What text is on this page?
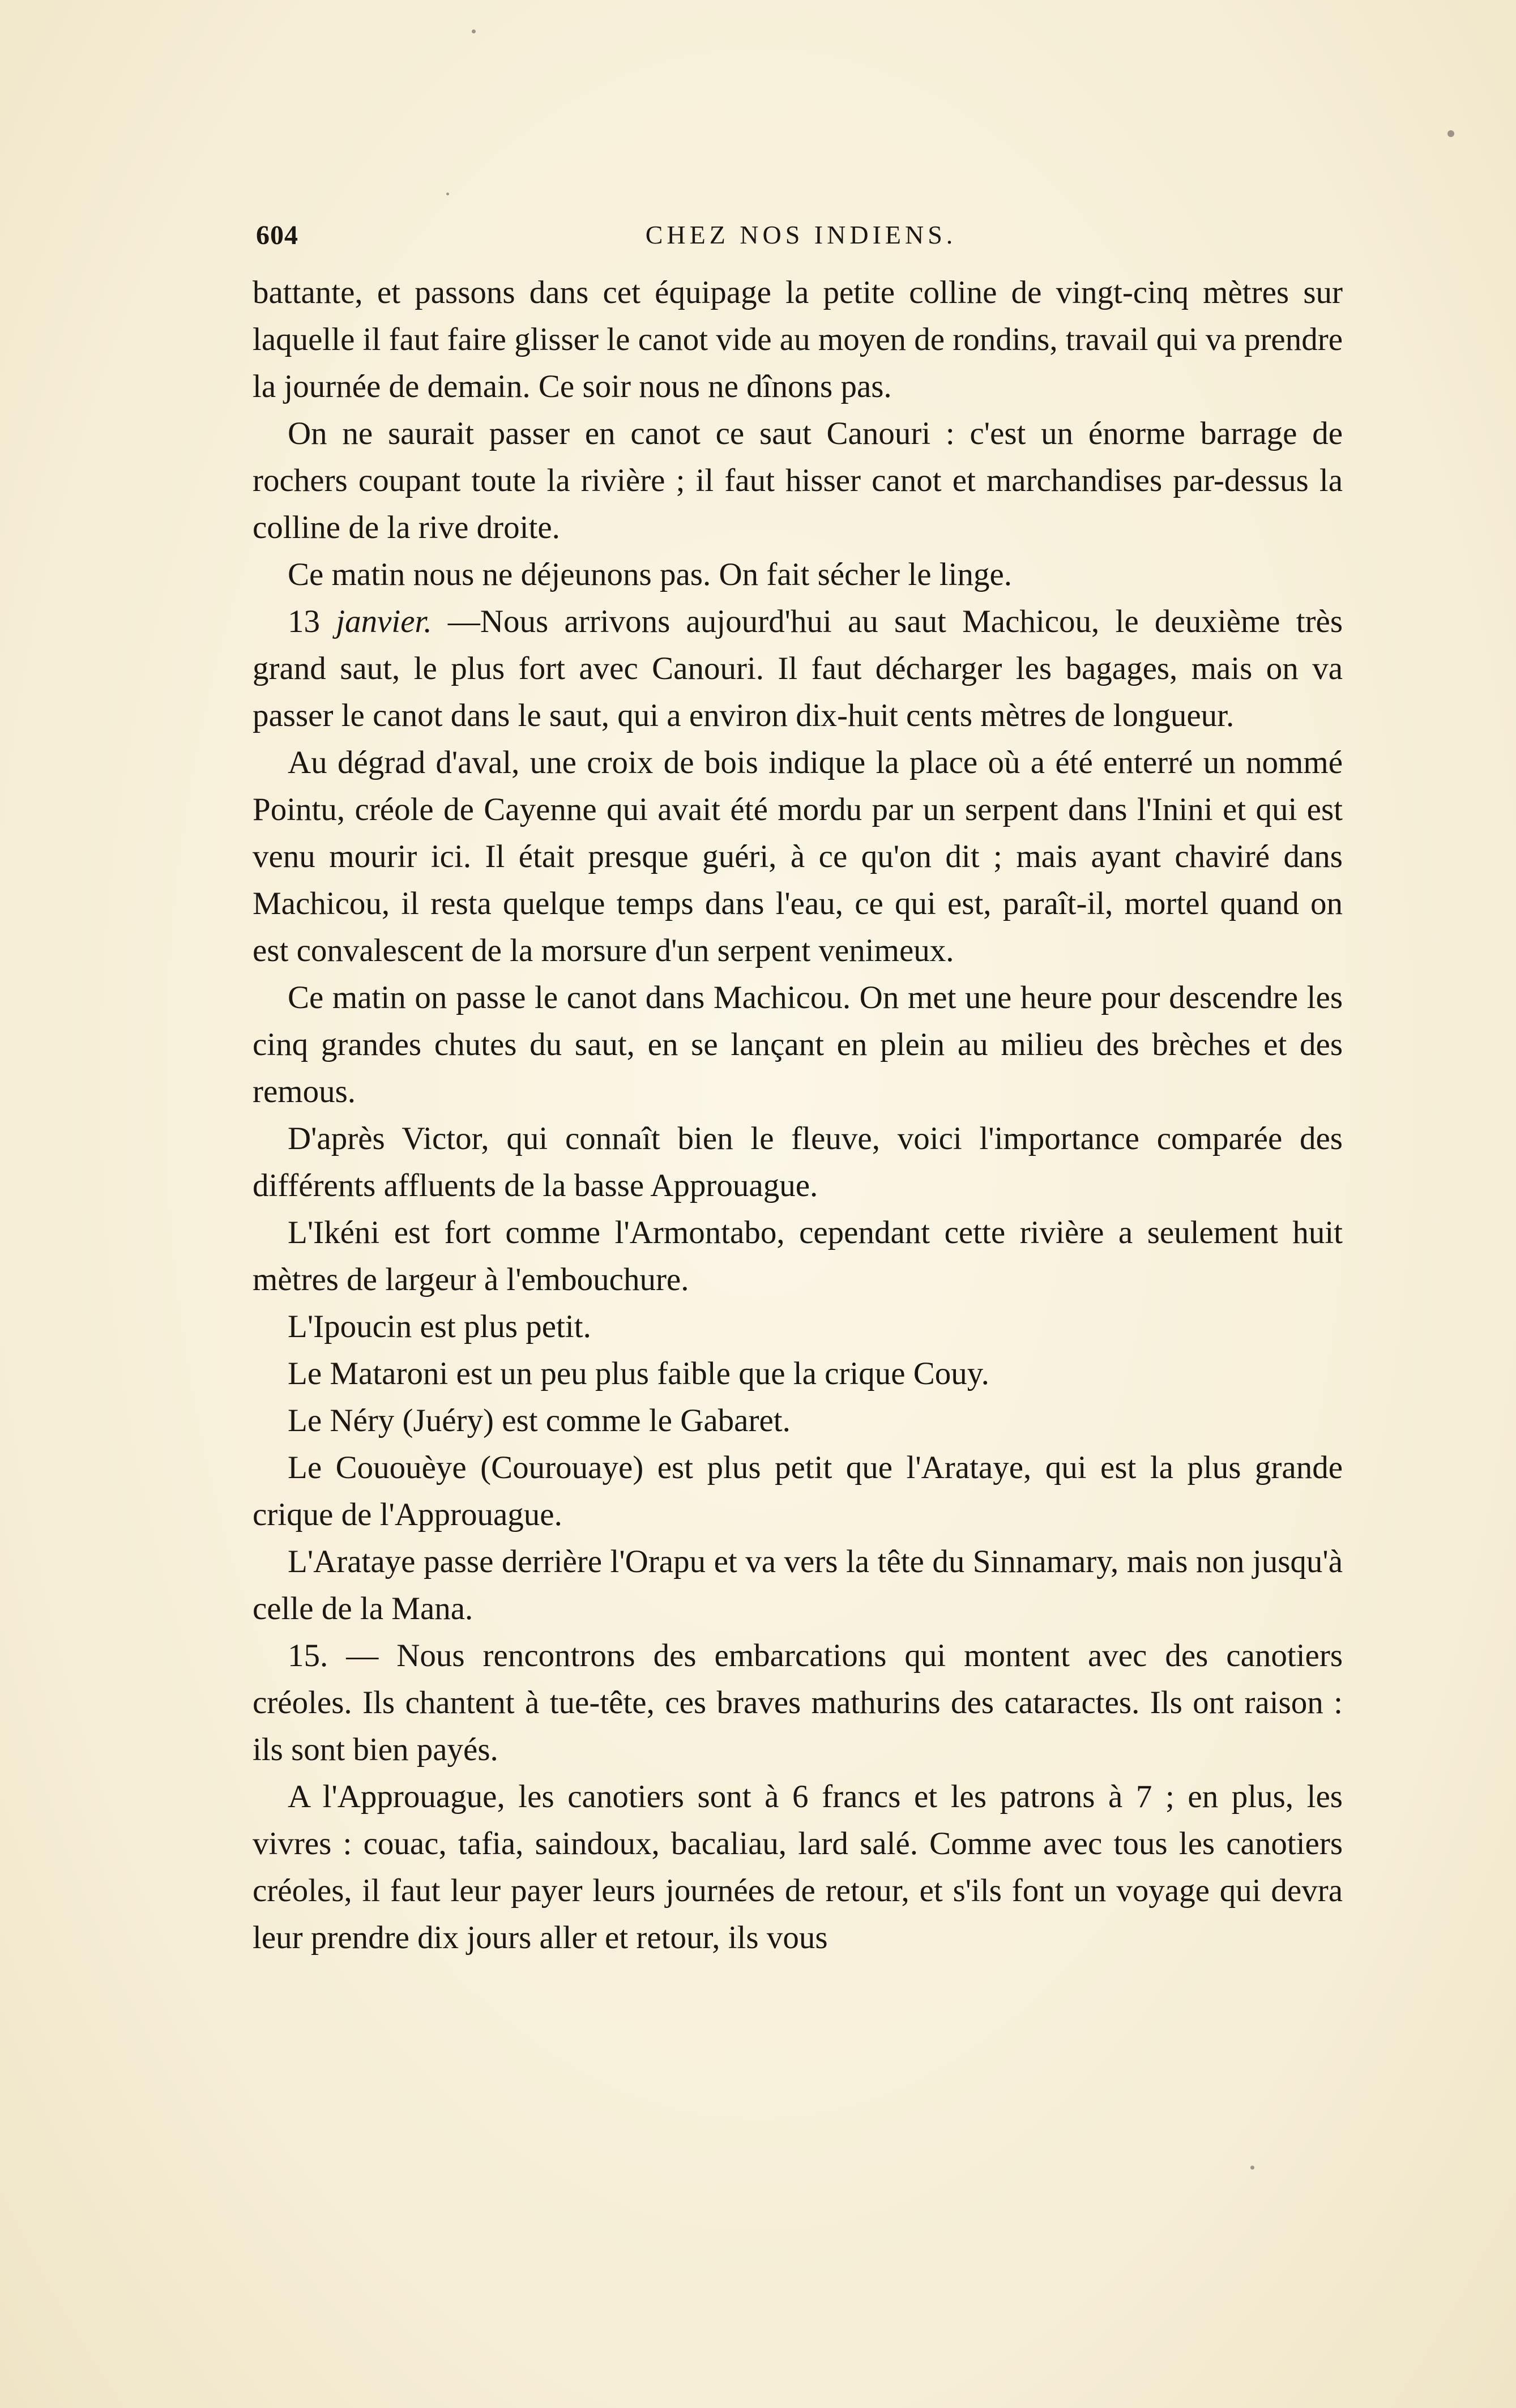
604	CHEZ NOS INDIENS.

battante, et passons dans cet équipage la petite colline de vingt-cinq mètres sur laquelle il faut faire glisser le canot vide au moyen de rondins, travail qui va prendre la journée de demain. Ce soir nous ne dînons pas.

On ne saurait passer en canot ce saut Canouri : c'est un énorme barrage de rochers coupant toute la rivière ; il faut hisser canot et marchandises par-dessus la colline de la rive droite.

Ce matin nous ne déjeunons pas. On fait sécher le linge.

13 janvier. —Nous arrivons aujourd'hui au saut Machicou, le deuxième très grand saut, le plus fort avec Canouri. Il faut décharger les bagages, mais on va passer le canot dans le saut, qui a environ dix-huit cents mètres de longueur.

Au dégrad d'aval, une croix de bois indique la place où a été enterré un nommé Pointu, créole de Cayenne qui avait été mordu par un serpent dans l'Inini et qui est venu mourir ici. Il était presque guéri, à ce qu'on dit ; mais ayant chaviré dans Machicou, il resta quelque temps dans l'eau, ce qui est, paraît-il, mortel quand on est convalescent de la morsure d'un serpent venimeux.

Ce matin on passe le canot dans Machicou. On met une heure pour descendre les cinq grandes chutes du saut, en se lançant en plein au milieu des brèches et des remous.

D'après Victor, qui connaît bien le fleuve, voici l'importance comparée des différents affluents de la basse Approuague.

L'Ikéni est fort comme l'Armontabo, cependant cette rivière a seulement huit mètres de largeur à l'embouchure.

L'Ipoucin est plus petit.

Le Mataroni est un peu plus faible que la crique Couy.

Le Néry (Juéry) est comme le Gabaret.

Le Cououèye (Courouaye) est plus petit que l'Arataye, qui est la plus grande crique de l'Approuague.

L'Arataye passe derrière l'Orapu et va vers la tête du Sinnamary, mais non jusqu'à celle de la Mana.

15. — Nous rencontrons des embarcations qui montent avec des canotiers créoles. Ils chantent à tue-tête, ces braves mathurins des cataractes. Ils ont raison : ils sont bien payés.

A l'Approuague, les canotiers sont à 6 francs et les patrons à 7 ; en plus, les vivres : couac, tafia, saindoux, bacaliau, lard salé. Comme avec tous les canotiers créoles, il faut leur payer leurs journées de retour, et s'ils font un voyage qui devra leur prendre dix jours aller et retour, ils vous
